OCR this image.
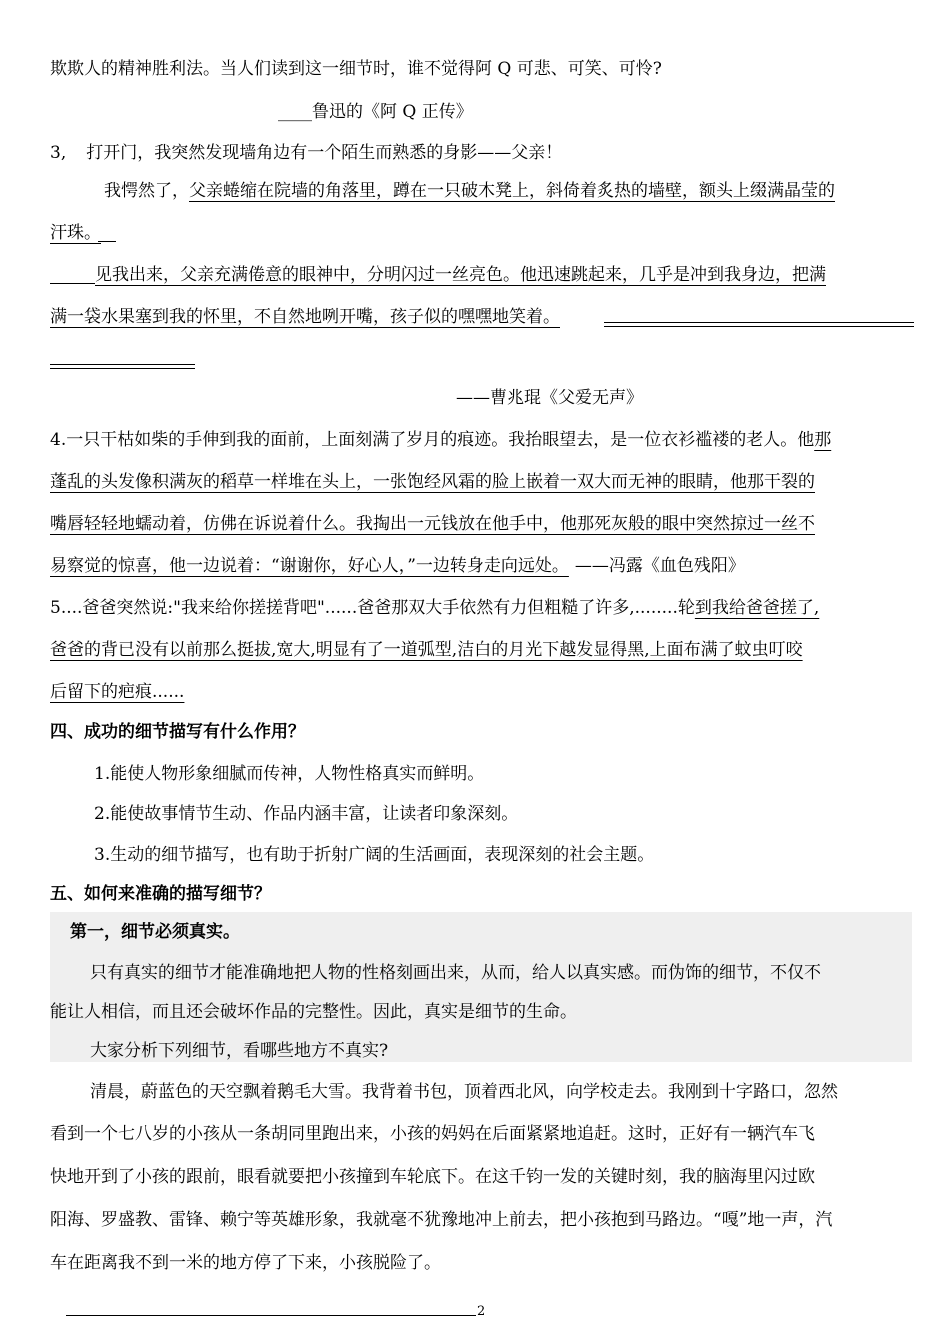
欺欺人的精神胜利法。当人们读到这一细节时，谁不觉得阿 Q 可悲、可笑、可怜?
____鲁迅的《阿 Q 正传》
3, 打开门，我突然发现墙角边有一个陌生而熟悉的身影——父亲！
我愕然了，父亲蜷缩在院墙的角落里，蹲在一只破木凳上，斜倚着炙热的墙壁，额头上缀满晶莹的
汗珠。
见我出来，父亲充满倦意的眼神中，分明闪过一丝亮色。他迅速跳起来，几乎是冲到我身边，把满
满一袋水果塞到我的怀里，不自然地咧开嘴，孩子似的嘿嘿地笑着。
——曹兆琨《父爱无声》
4.一只干枯如柴的手伸到我的面前，上面刻满了岁月的痕迹。我抬眼望去，是一位衣衫褴褛的老人。他那
蓬乱的头发像积满灰的稻草一样堆在头上，一张饱经风霜的脸上嵌着一双大而无神的眼睛，他那干裂的
嘴唇轻轻地蠕动着，仿佛在诉说着什么。我掏出一元钱放在他手中，他那死灰般的眼中突然掠过一丝不
易察觉的惊喜，他一边说着：“谢谢你，好心人，”一边转身走向远处。 ——冯露《血色残阳》
5....爸爸突然说:"我来给你搓搓背吧"......爸爸那双大手依然有力但粗糙了许多,........轮到我给爸爸搓了,
爸爸的背已没有以前那么挺拔,宽大,明显有了一道弧型,洁白的月光下越发显得黑,上面布满了蚊虫叮咬
后留下的疤痕......
四、成功的细节描写有什么作用？
1.能使人物形象细腻而传神，人物性格真实而鲜明。
2.能使故事情节生动、作品内涵丰富，让读者印象深刻。
3.生动的细节描写，也有助于折射广阔的生活画面，表现深刻的社会主题。
五、如何来准确的描写细节？
第一，细节必须真实。
只有真实的细节才能准确地把人物的性格刻画出来，从而，给人以真实感。而伪饰的细节，不仅不
能让人相信，而且还会破坏作品的完整性。因此，真实是细节的生命。
大家分析下列细节，看哪些地方不真实?
清晨，蔚蓝色的天空飘着鹅毛大雪。我背着书包，顶着西北风，向学校走去。我刚到十字路口，忽然
看到一个七八岁的小孩从一条胡同里跑出来，小孩的妈妈在后面紧紧地追赶。这时，正好有一辆汽车飞
快地开到了小孩的跟前，眼看就要把小孩撞到车轮底下。在这千钧一发的关键时刻，我的脑海里闪过欧
阳海、罗盛教、雷锋、赖宁等英雄形象，我就毫不犹豫地冲上前去，把小孩抱到马路边。“嘎”地一声，汽
车在距离我不到一米的地方停了下来，小孩脱险了。
2
